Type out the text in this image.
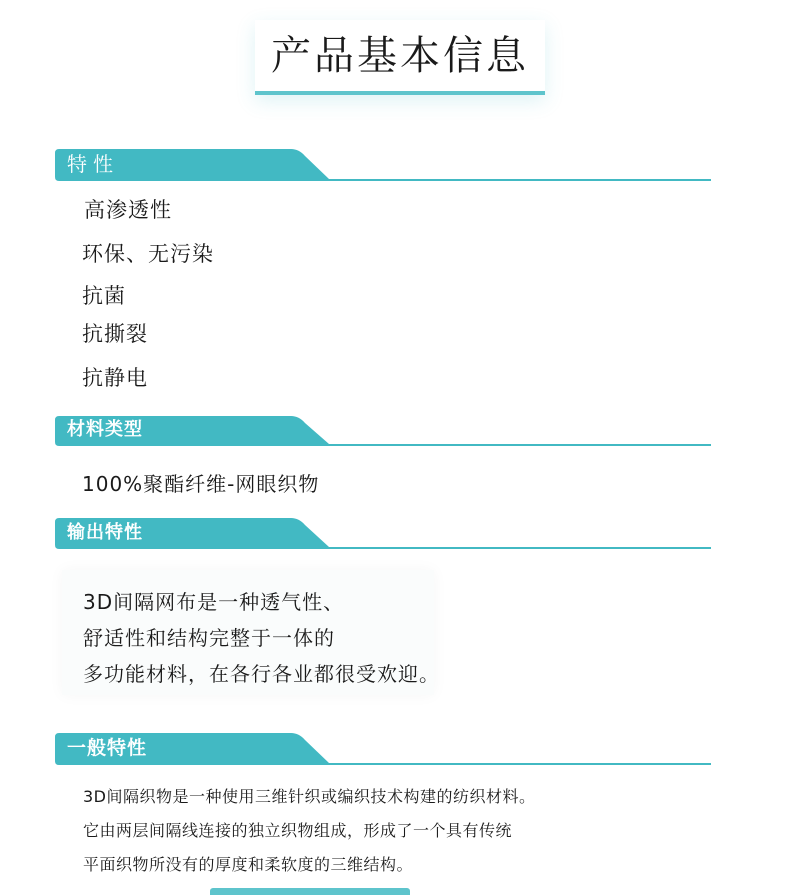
产品基本信息
特性
高渗透性
环保、无污染
抗菌
抗撕裂
抗静电
材料类型
100%聚酯纤维-网眼织物
输出特性
3D间隔网布是一种透气性、
舒适性和结构完整于一体的
多功能材料，在各行各业都很受欢迎。
一般特性
3D间隔织物是一种使用三维针织或编织技术构建的纺织材料。
它由两层间隔线连接的独立织物组成，形成了一个具有传统
平面织物所没有的厚度和柔软度的三维结构。
